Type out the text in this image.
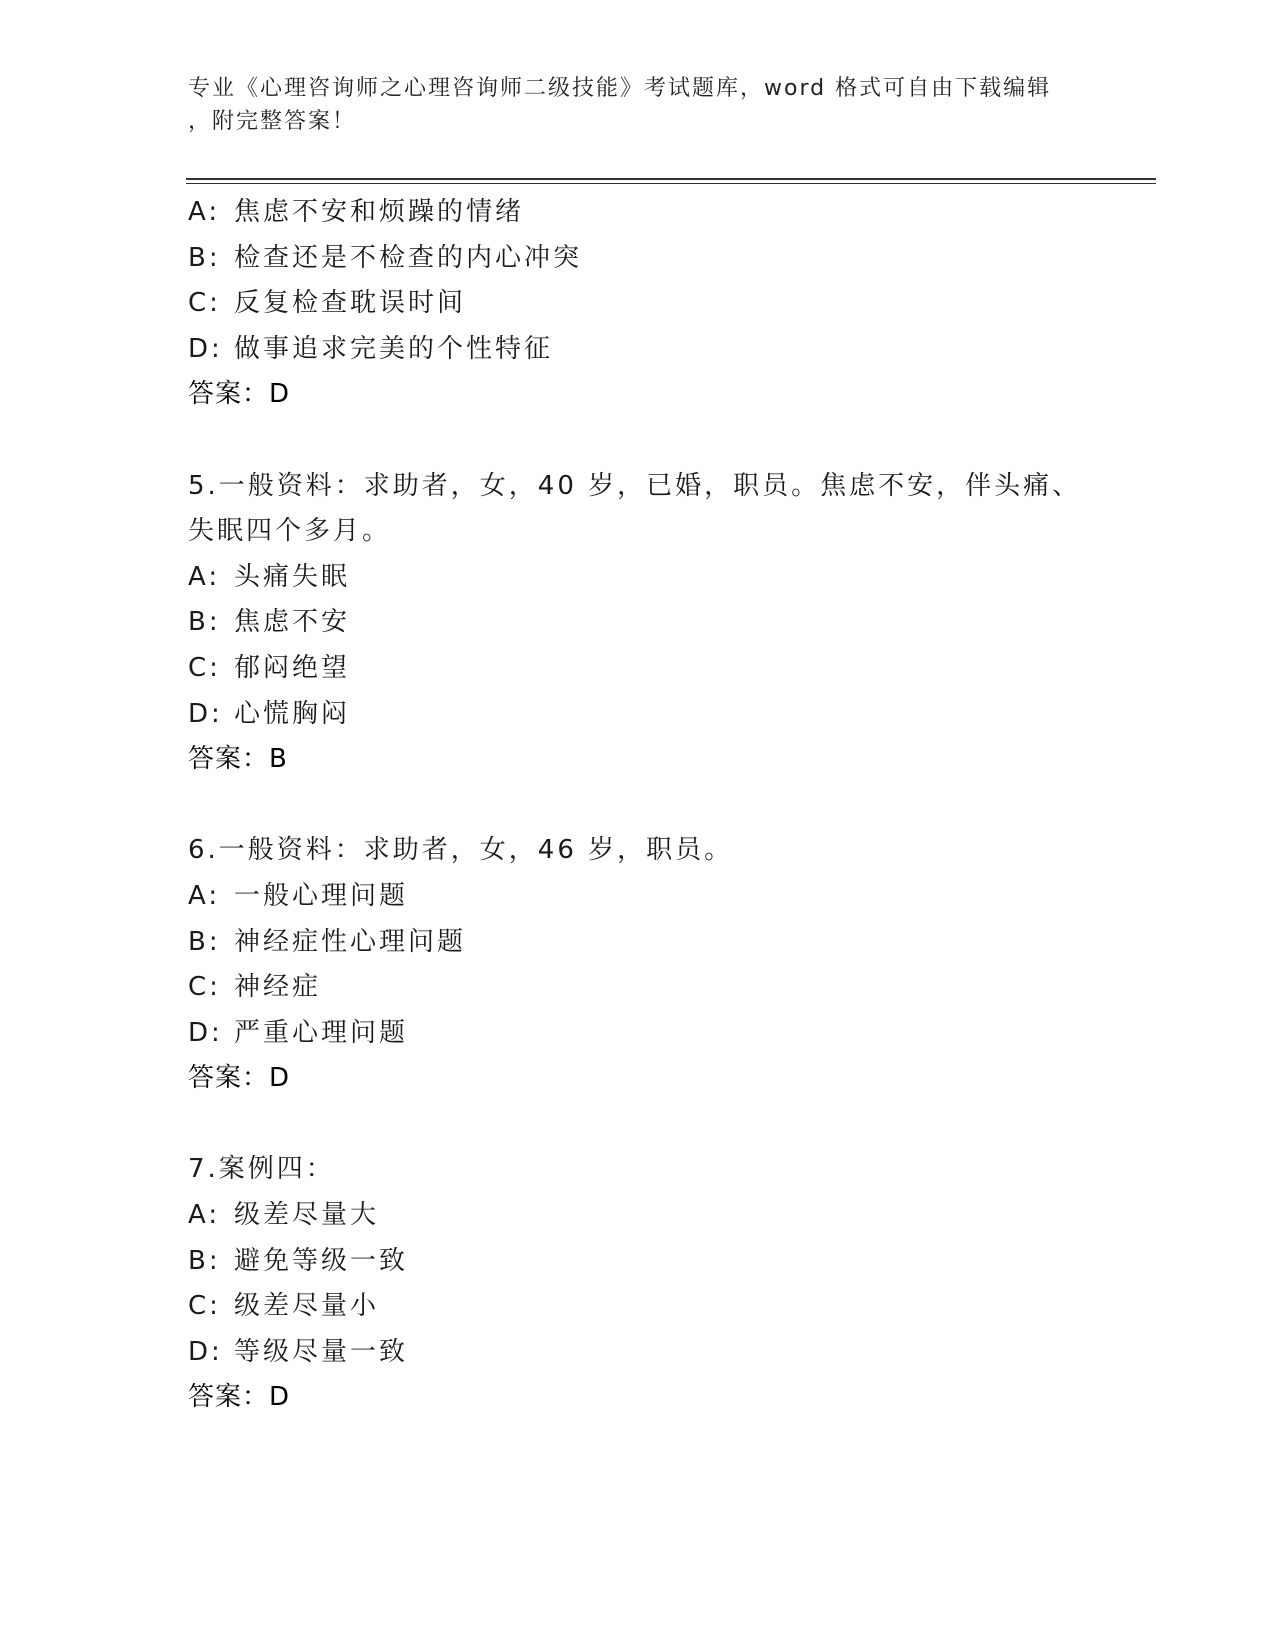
专业《心理咨询师之心理咨询师二级技能》考试题库，word 格式可自由下载编辑
，附完整答案！
A: 焦虑不安和烦躁的情绪
B: 检查还是不检查的内心冲突
C: 反复检查耽误时间
D: 做事追求完美的个性特征
答案：D
5.一般资料：求助者，女，40 岁，已婚，职员。焦虑不安，伴头痛、
失眠四个多月。
A: 头痛失眠
B: 焦虑不安
C: 郁闷绝望
D: 心慌胸闷
答案：B
6.一般资料：求助者，女，46 岁，职员。
A: 一般心理问题
B: 神经症性心理问题
C: 神经症
D: 严重心理问题
答案：D
7.案例四：
A: 级差尽量大
B: 避免等级一致
C: 级差尽量小
D: 等级尽量一致
答案：D
